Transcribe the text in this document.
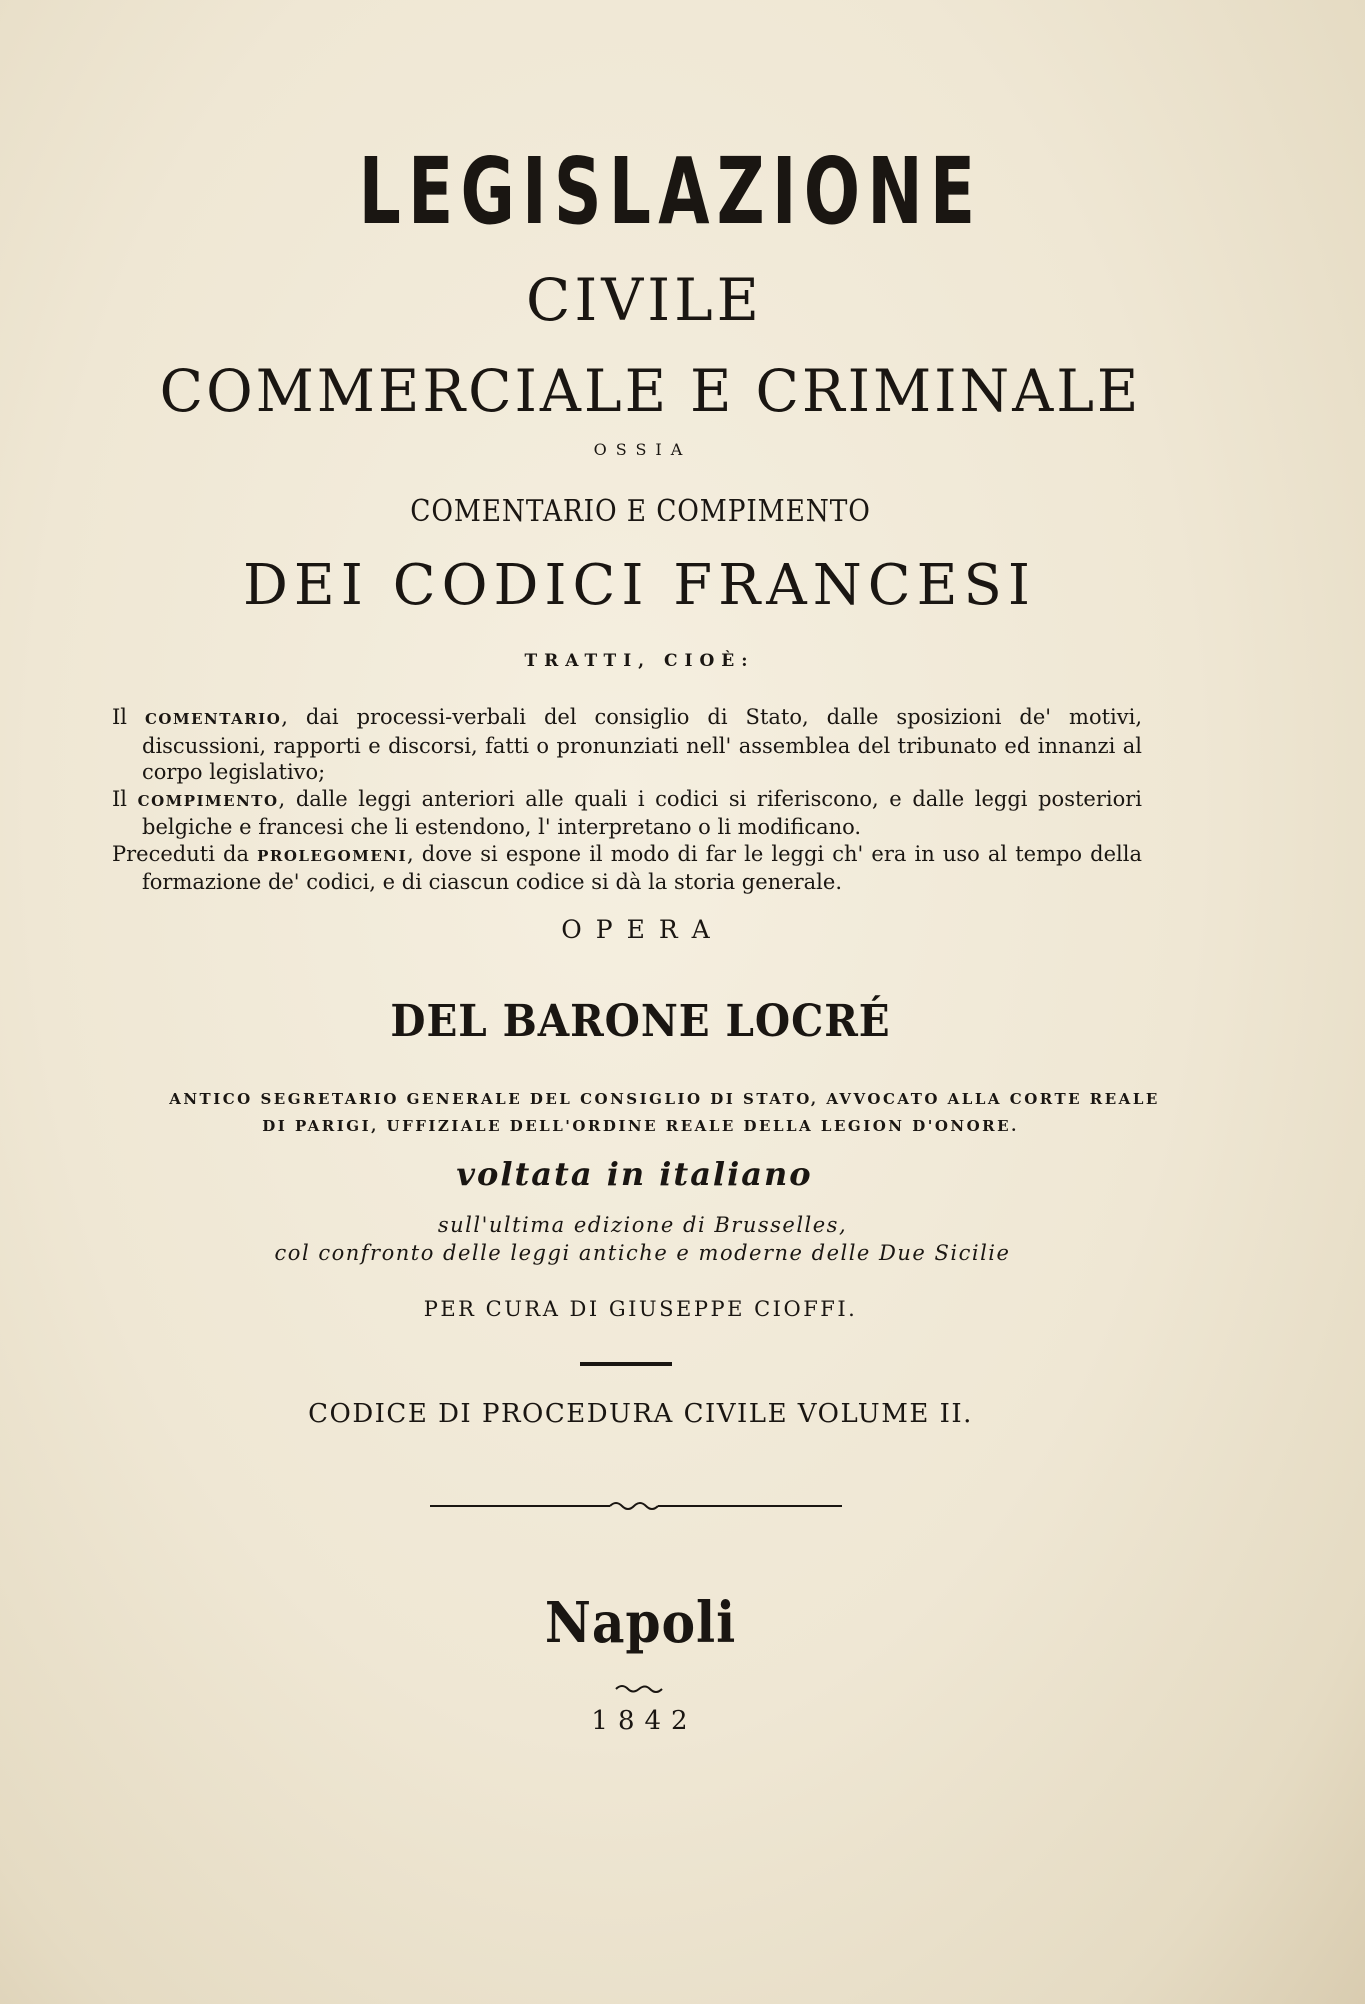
LEGISLAZIONE
CIVILE
COMMERCIALE E CRIMINALE
OSSIA
COMENTARIO E COMPIMENTO
DEI CODICI FRANCESI
TRATTI, CIOÈ:

Il COMENTARIO, dai processi-verbali del consiglio di Stato, dalle sposizioni de' motivi, discussioni, rapporti e discorsi, fatti o pronunziati nell' assemblea del tribunato ed innanzi al corpo legislativo;

Il COMPIMENTO, dalle leggi anteriori alle quali i codici si riferiscono, e dalle leggi posteriori belgiche e francesi che li estendono, l' interpretano o li modificano.

Preceduti da PROLEGOMENI, dove si espone il modo di far le leggi ch' era in uso al tempo della formazione de' codici, e di ciascun codice si dà la storia generale.

OPERA
DEL BARONE LOCRÉ
ANTICO SEGRETARIO GENERALE DEL CONSIGLIO DI STATO, AVVOCATO ALLA CORTE REALE
DI PARIGI, UFFIZIALE DELL'ORDINE REALE DELLA LEGION D'ONORE.
voltata in italiano
sull'ultima edizione di Brusselles,
col confronto delle leggi antiche e moderne delle Due Sicilie
PER CURA DI GIUSEPPE CIOFFI.
CODICE DI PROCEDURA CIVILE VOLUME II.
Napoli
1842
